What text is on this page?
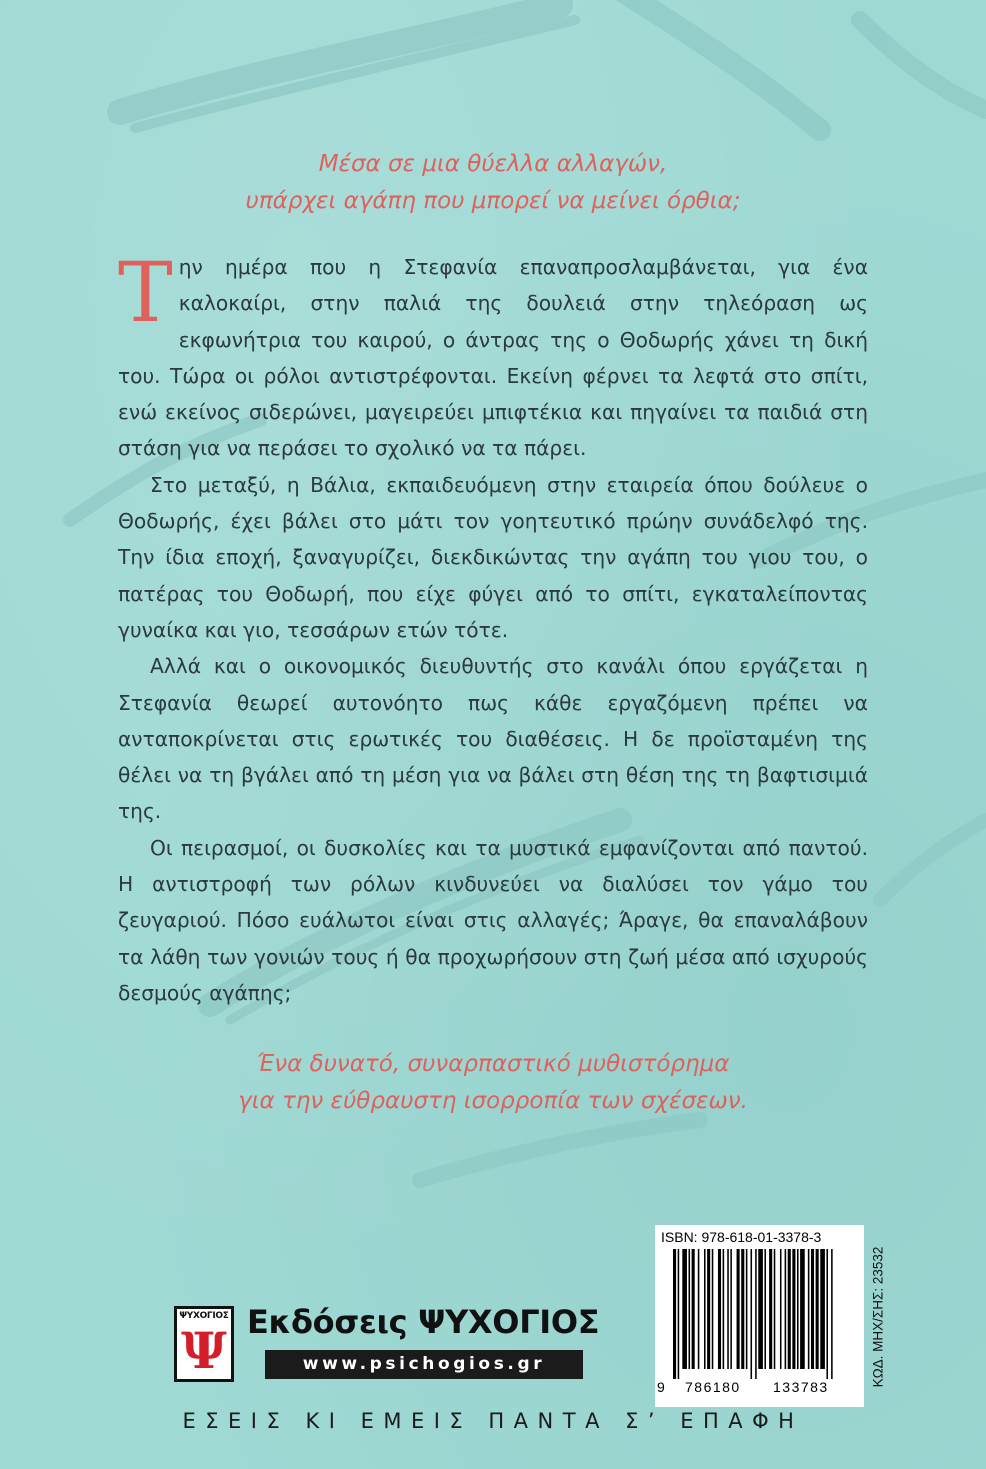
Μέσα σε μια θύελλα αλλαγών,
υπάρχει αγάπη που μπορεί να μείνει όρθια;

Την ημέρα που η Στεφανία επαναπροσλαμβάνεται, για ένα καλοκαίρι, στην παλιά της δουλειά στην τηλεόραση ως εκφωνήτρια του καιρού, ο άντρας της ο Θοδωρής χάνει τη δική του. Τώρα οι ρόλοι αντιστρέφονται. Εκείνη φέρνει τα λεφτά στο σπίτι, ενώ εκείνος σιδερώνει, μαγειρεύει μπιφτέκια και πηγαίνει τα παιδιά στη στάση για να περάσει το σχολικό να τα πάρει.

Στο μεταξύ, η Βάλια, εκπαιδευόμενη στην εταιρεία όπου δούλευε ο Θοδωρής, έχει βάλει στο μάτι τον γοητευτικό πρώην συνάδελφό της. Την ίδια εποχή, ξαναγυρίζει, διεκδικώντας την αγάπη του γιου του, ο πατέρας του Θοδωρή, που είχε φύγει από το σπίτι, εγκαταλείποντας γυναίκα και γιο, τεσσάρων ετών τότε.

Αλλά και ο οικονομικός διευθυντής στο κανάλι όπου εργάζεται η Στεφανία θεωρεί αυτονόητο πως κάθε εργαζόμενη πρέπει να ανταποκρίνεται στις ερωτικές του διαθέσεις. Η δε προϊσταμένη της θέλει να τη βγάλει από τη μέση για να βάλει στη θέση της τη βαφτισιμιά της.

Οι πειρασμοί, οι δυσκολίες και τα μυστικά εμφανίζονται από παντού. Η αντιστροφή των ρόλων κινδυνεύει να διαλύσει τον γάμο του ζευγαριού. Πόσο ευάλωτοι είναι στις αλλαγές; Άραγε, θα επαναλάβουν τα λάθη των γονιών τους ή θα προχωρήσουν στη ζωή μέσα από ισχυρούς δεσμούς αγάπης;

Ένα δυνατό, συναρπαστικό μυθιστόρημα
για την εύθραυστη ισορροπία των σχέσεων.
ISBN: 978-618-01-3378-3
9 786180 133783	ΚΩΔ. ΜΗΧ/ΣΗΣ: 23532
ΨΥΧΟΓΙΟΣ
Ψ Εκδόσεις ΨΥΧΟΓΙΟΣ
www.psichogios.gr
ΕΣΕΙΣ ΚΙ ΕΜΕΙΣ ΠΑΝΤΑ Σ’ ΕΠΑΦΗ
